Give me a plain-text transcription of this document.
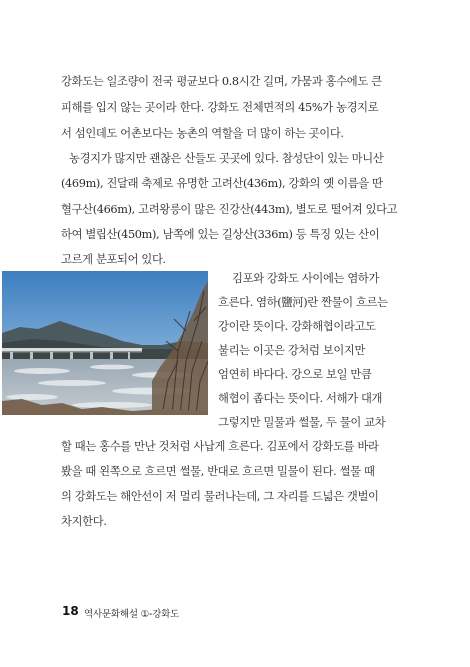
강화도는 일조량이 전국 평균보다 0.8시간 길며, 가뭄과 홍수에도 큰
피해를 입지 않는 곳이라 한다. 강화도 전체면적의 45%가 농경지로
서 섬인데도 어촌보다는 농촌의 역할을 더 많이 하는 곳이다.
농경지가 많지만 괜찮은 산들도 곳곳에 있다. 참성단이 있는 마니산
(469m), 진달래 축제로 유명한 고려산(436m), 강화의 옛 이름을 딴
혈구산(466m), 고려왕릉이 많은 진강산(443m), 별도로 떨어져 있다고
하여 별립산(450m), 남쪽에 있는 길상산(336m) 등 특징 있는 산이
고르게 분포되어 있다.
김포와 강화도 사이에는 염하가
흐른다. 염하(鹽河)란 짠물이 흐르는
강이란 뜻이다. 강화해협이라고도
불리는 이곳은 강처럼 보이지만
엄연히 바다다. 강으로 보일 만큼
해협이 좁다는 뜻이다. 서해가 대개
그렇지만 밀물과 썰물, 두 물이 교차
할 때는 홍수를 만난 것처럼 사납게 흐른다. 김포에서 강화도를 바라
봤을 때 왼쪽으로 흐르면 썰물, 반대로 흐르면 밀물이 된다. 썰물 때
의 강화도는 해안선이 저 멀리 물러나는데, 그 자리를 드넓은 갯벌이
차지한다.
18 역사문화해설 ①-강화도
